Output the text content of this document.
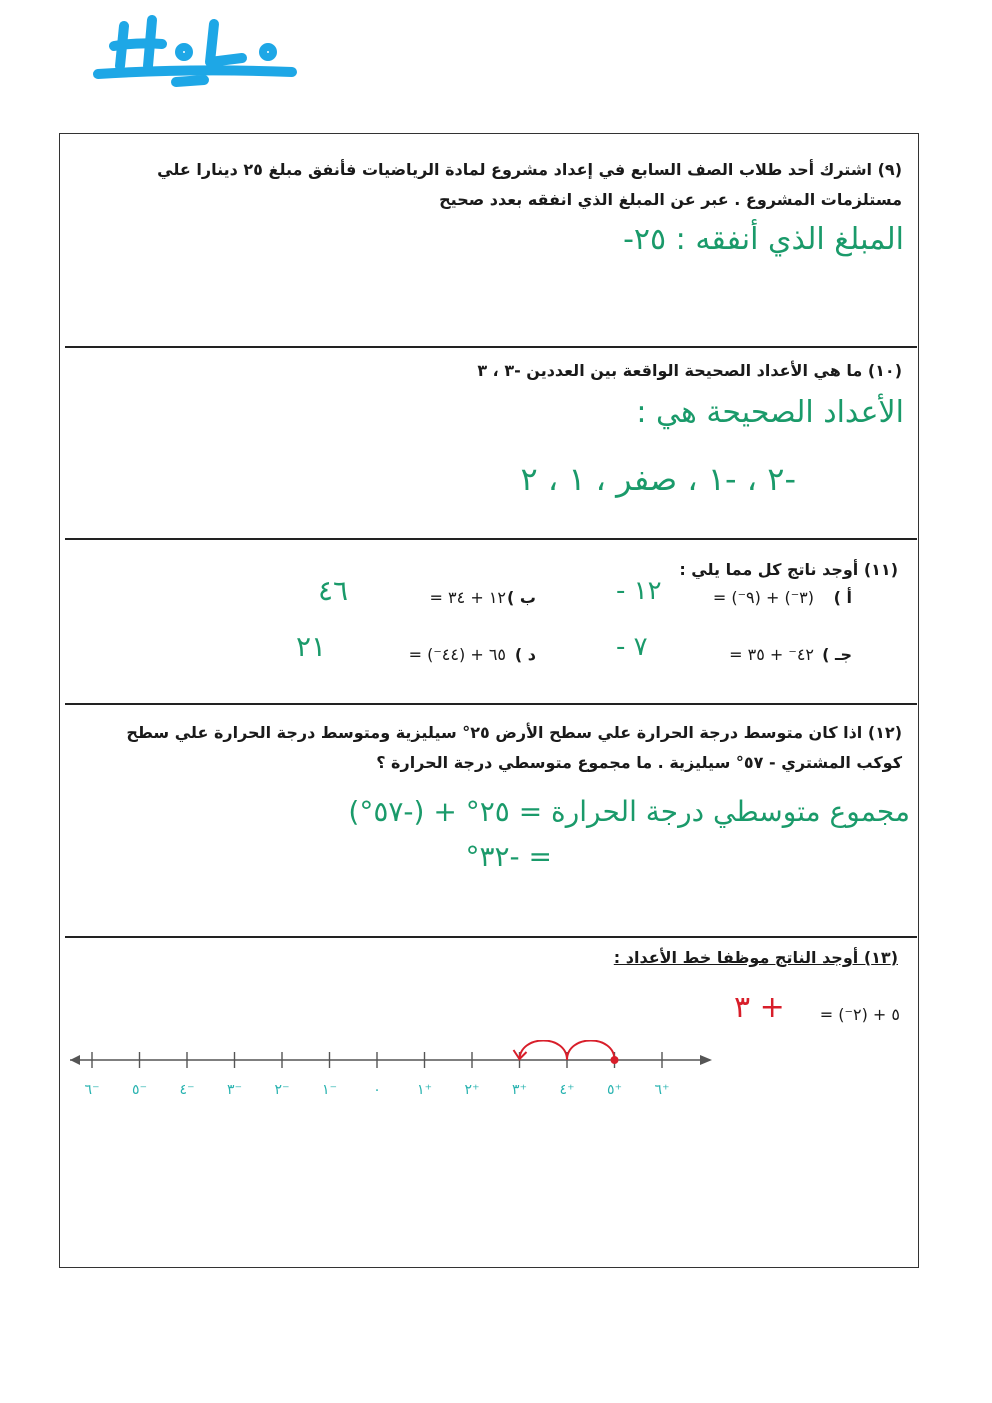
H.L.
(٩) اشترك أحد طلاب الصف السابع في إعداد مشروع لمادة الرياضيات فأنفق مبلغ ٢٥ دينارا علي
مستلزمات المشروع . عبر عن المبلغ الذي انفقه بعدد صحيح
المبلغ الذي أنفقه : ٢٥-
(١٠) ما هي الأعداد الصحيحة الواقعة بين العددين -٣ ، ٣
الأعداد الصحيحة هي :
-٢ ، -١ ، صفر ، ١ ، ٢
(١١) أوجد ناتج كل مما يلي :
أ )
(٣⁻) + (٩⁻) =
١٢ -
ب )
١٢ + ٣٤ =
٤٦
جـ )
٤٢⁻ + ٣٥ =
٧ -
د )
٦٥ + (٤٤⁻) =
٢١
(١٢) اذا كان متوسط درجة الحرارة علي سطح الأرض ٢٥° سيليزية ومتوسط درجة الحرارة علي سطح
كوكب المشتري - ٥٧° سيليزية . ما مجموع متوسطي درجة الحرارة ؟
مجموع متوسطي درجة الحرارة = ٢٥° + (-٥٧°)
= -٣٢°
(١٣) أوجد الناتج موظفا خط الأعداد :
٥ + (٢⁻) =
+ ٣
٦⁻ ٥⁻ ٤⁻ ٣⁻ ٢⁻ ١⁻	٠	١⁺ ٢⁺ ٣⁺ ٤⁺ ٥⁺ ٦⁺
